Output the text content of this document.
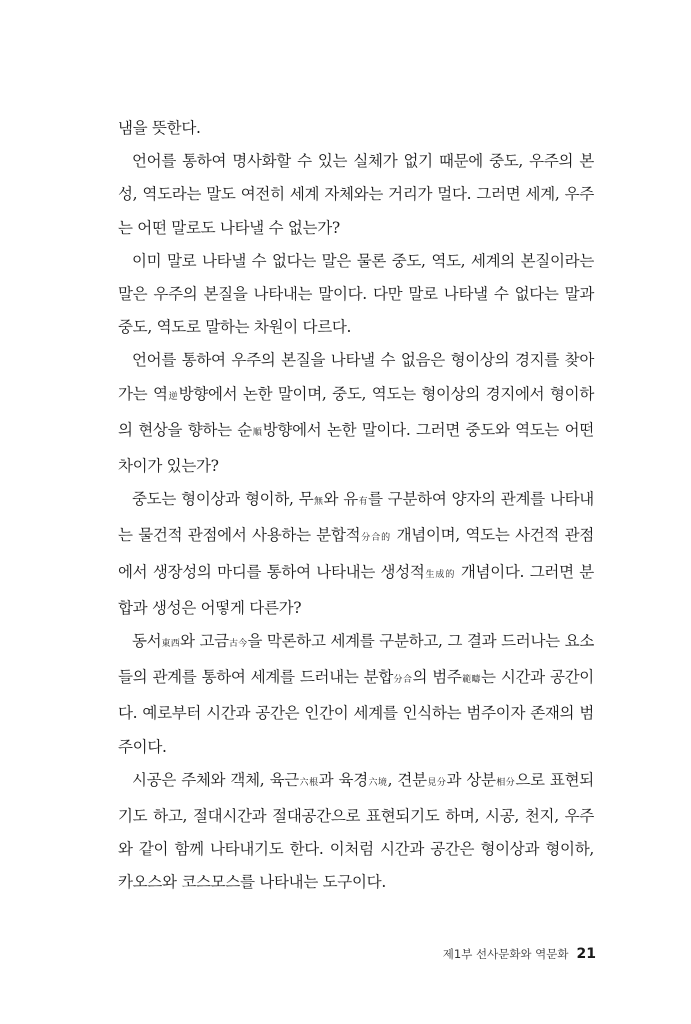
냄을 뜻한다.

언어를 통하여 명사화할 수 있는 실체가 없기 때문에 중도, 우주의 본성, 역도라는 말도 여전히 세계 자체와는 거리가 멀다. 그러면 세계, 우주는 어떤 말로도 나타낼 수 없는가?

이미 말로 나타낼 수 없다는 말은 물론 중도, 역도, 세계의 본질이라는 말은 우주의 본질을 나타내는 말이다. 다만 말로 나타낼 수 없다는 말과 중도, 역도로 말하는 차원이 다르다.

언어를 통하여 우주의 본질을 나타낼 수 없음은 형이상의 경지를 찾아가는 역逆방향에서 논한 말이며, 중도, 역도는 형이상의 경지에서 형이하의 현상을 향하는 순順방향에서 논한 말이다. 그러면 중도와 역도는 어떤 차이가 있는가?

중도는 형이상과 형이하, 무無와 유有를 구분하여 양자의 관계를 나타내는 물건적 관점에서 사용하는 분합적分合的 개념이며, 역도는 사건적 관점에서 생장성의 마디를 통하여 나타내는 생성적生成的 개념이다. 그러면 분합과 생성은 어떻게 다른가?

동서東西와 고금古今을 막론하고 세계를 구분하고, 그 결과 드러나는 요소들의 관계를 통하여 세계를 드러내는 분합分合의 범주範疇는 시간과 공간이다. 예로부터 시간과 공간은 인간이 세계를 인식하는 범주이자 존재의 범주이다.

시공은 주체와 객체, 육근六根과 육경六境, 견분見分과 상분相分으로 표현되기도 하고, 절대시간과 절대공간으로 표현되기도 하며, 시공, 천지, 우주와 같이 함께 나타내기도 한다. 이처럼 시간과 공간은 형이상과 형이하, 카오스와 코스모스를 나타내는 도구이다.

제1부 선사문화와 역문화 21
